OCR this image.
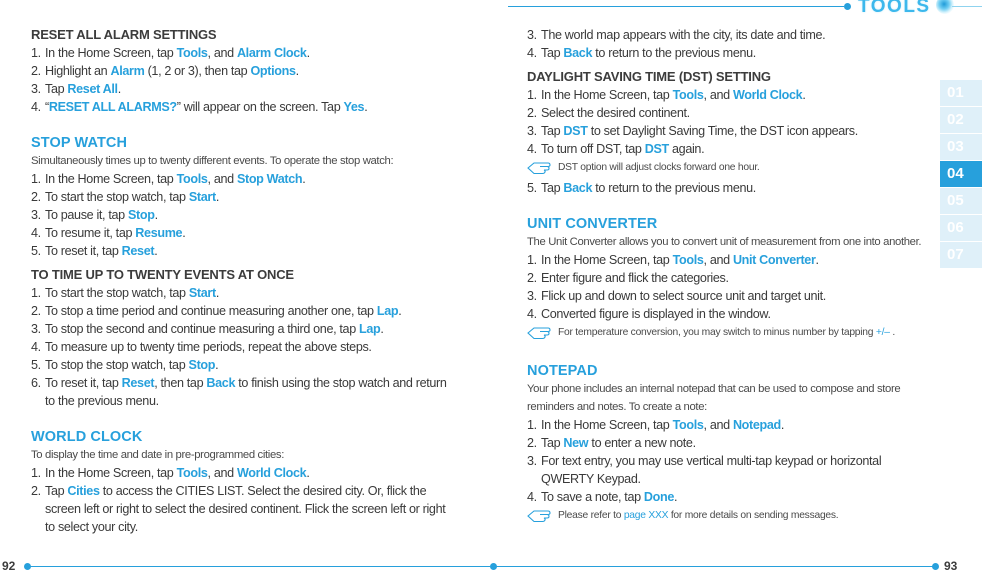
TOOLS
01
02
03
04
05
06
07
RESET ALL ALARM SETTINGS
1. In the Home Screen, tap Tools, and Alarm Clock.
2. Highlight an Alarm (1, 2 or 3), then tap Options.
3. Tap Reset All.
4. “RESET ALL ALARMS?” will appear on the screen. Tap Yes.
STOP WATCH
Simultaneously times up to twenty different events. To operate the stop watch:
1. In the Home Screen, tap Tools, and Stop Watch.
2. To start the stop watch, tap Start.
3. To pause it, tap Stop.
4. To resume it, tap Resume.
5. To reset it, tap Reset.
TO TIME UP TO TWENTY EVENTS AT ONCE
1. To start the stop watch, tap Start.
2. To stop a time period and continue measuring another one, tap Lap.
3. To stop the second and continue measuring a third one, tap Lap.
4. To measure up to twenty time periods, repeat the above steps.
5. To stop the stop watch, tap Stop.
6. To reset it, tap Reset, then tap Back to finish using the stop watch and return to the previous menu.
WORLD CLOCK
To display the time and date in pre-programmed cities:
1. In the Home Screen, tap Tools, and World Clock.
2. Tap Cities to access the CITIES LIST. Select the desired city. Or, flick the screen left or right to select the desired continent. Flick the screen left or right to select your city.
3. The world map appears with the city, its date and time.
4. Tap Back to return to the previous menu.
DAYLIGHT SAVING TIME (DST) SETTING
1. In the Home Screen, tap Tools, and World Clock.
2. Select the desired continent.
3. Tap DST to set Daylight Saving Time, the DST icon appears.
4. To turn off DST, tap DST again.
DST option will adjust clocks forward one hour.
5. Tap Back to return to the previous menu.
UNIT CONVERTER
The Unit Converter allows you to convert unit of measurement from one into another.
1. In the Home Screen, tap Tools, and Unit Converter.
2. Enter figure and flick the categories.
3. Flick up and down to select source unit and target unit.
4. Converted figure is displayed in the window.
For temperature conversion, you may switch to minus number by tapping +/– .
NOTEPAD
Your phone includes an internal notepad that can be used to compose and store reminders and notes. To create a note:
1. In the Home Screen, tap Tools, and Notepad.
2. Tap New to enter a new note.
3. For text entry, you may use vertical multi-tap keypad or horizontal QWERTY Keypad.
4. To save a note, tap Done.
Please refer to page XXX for more details on sending messages.
92	93
